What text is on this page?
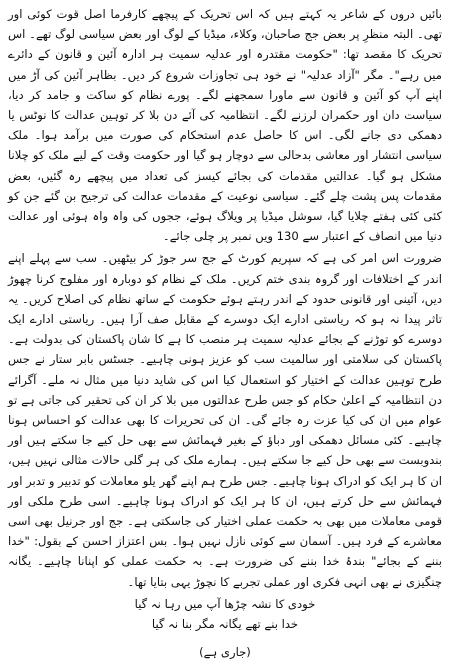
بائیں دروں کے شاعر یہ کہتے ہیں کہ اس تحریک کے پیچھے کارفرما اصل قوت کوئی اور تھی۔ البتہ منظرِ پر بعض جج صاحبان، وکلاء، میڈیا کے لوگ اور بعض سیاسی لوگ تھے۔ اس تحریک کا مقصد تھا: "حکومت مقتدرہ اور عدلیہ سمیت ہر ادارہ آئین و قانون کے دائرے میں رہے"۔ مگر "آزاد عدلیہ" نے خود ہی تجاوزات شروع کر دیں۔ بظاہر آئین کی آڑ میں اپنے آپ کو آئین و قانون سے ماورا سمجھنے لگے۔ پورے نظام کو ساکت و جامد کر دیا، سیاست دان اور حکمران لرزنے لگے۔ انتظامیہ کی آئے دن بلا کر توہین عدالت کا نوٹس یا دھمکی دی جانے لگی۔ اس کا حاصل عدم استحکام کی صورت میں برآمد ہوا۔ ملک سیاسی انتشار اور معاشی بدحالی سے دوچار ہو گیا اور حکومت وقت کے لیے ملک کو چلانا مشکل ہو گیا۔ عدالتیں مقدمات کی بجائے کیسز کی تعداد میں پیچھے رہ گئیں، بعض مقدمات پس پشت چلے گئے۔ سیاسی نوعیت کے مقدمات عدالت کی ترجیح بن گئے جن کو کئی کئی ہفتے چلایا گیا، سوشل میڈیا پر ویلاگ ہوئے، ججوں کی واہ واہ ہوئی اور عدالت دنیا میں انصاف کے اعتبار سے 130 ویں نمبر پر چلی جائے۔

ضرورت اس امر کی ہے کہ سپریم کورٹ کے جج سر جوڑ کر بیٹھیں۔ سب سے پہلے اپنے اندر کے اختلافات اور گروہ بندی ختم کریں۔ ملک کے نظام کو دوبارہ اور مفلوج کرنا چھوڑ دیں، آئینی اور قانونی حدود کے اندر رہتے ہوئے حکومت کے ساتھ نظام کی اصلاح کریں۔ یہ تاثر پیدا نہ ہو کہ ریاستی ادارے ایک دوسرے کے مقابل صف آرا ہیں۔ ریاستی ادارے ایک دوسرے کو توڑنے کے بجائے عدلیہ سمیت ہر منصب کا ہے کا شان پاکستان کی بدولت ہے۔ پاکستان کی سلامتی اور سالمیت سب کو عزیز ہونی چاہیے۔ جسٹس بابر ستار نے جس طرح توہین عدالت کے اختیار کو استعمال کیا اس کی شاید دنیا میں مثال نہ ملے۔ آگرائے دن انتظامیہ کے اعلیٰ حکام کو جس طرح عدالتوں میں بلا کر ان کی تحقیر کی جاتی ہے تو عوام میں ان کی کیا عزت رہ جائے گی۔ ان کی تحریرات کا بھی عدالت کو احساس ہونا چاہیے۔ کئی مسائل دھمکی اور دباؤ کے بغیر فہمائش سے بھی حل کیے جا سکتے ہیں اور بندوبست سے بھی حل کیے جا سکتے ہیں۔ ہمارے ملک کی ہر گلی حالات مثالی نہیں ہیں، ان کا ہر ایک کو ادراک ہونا چاہیے۔ جس طرح ہم اپنے گھر یلو معاملات کو تدبیر و تدبر اور فہمائش سے حل کرتے ہیں، ان کا ہر ایک کو ادراک ہونا چاہیے۔ اسی طرح ملکی اور قومی معاملات میں بھی بہ حکمت عملی اختیار کی جاسکتی ہے۔ جج اور جرنیل بھی اسی معاشرے کے فرد ہیں۔ آسمان سے کوئی نازل نہیں ہوا۔ بس اعتزاز احسن کے بقول: "خدا بننے کے بجائے" بندۂ خدا بننے کی ضرورت ہے۔ بہ حکمت عملی کو اپنانا چاہیے۔ یگانہ چنگیزی نے بھی انہی فکری اور عملی تجربے کا نچوڑ یہی بتایا تھا۔

خودی کا نشہ چڑھا آپ میں رہا نہ گیا

خدا بنے تھے یگانہ مگر بنا نہ گیا

(جاری ہے)
